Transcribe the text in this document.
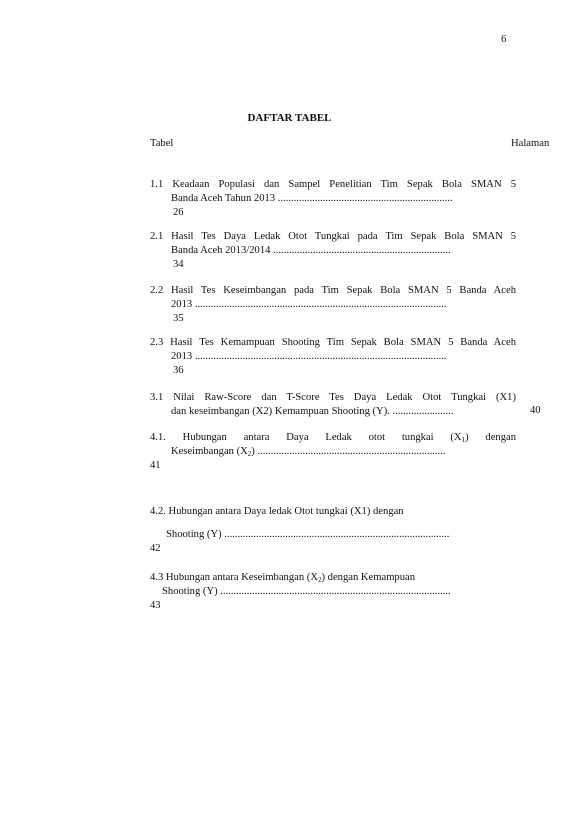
6
DAFTAR TABEL
Tabel	Halaman
1.1 Keadaan Populasi dan Sampel Penelitian Tim Sepak Bola SMAN 5
Banda Aceh Tahun 2013 ..................................................................
26
2.1 Hasil Tes Daya Ledak Otot Tungkai pada Tim Sepak Bola SMAN 5
Banda Aceh 2013/2014 ...................................................................
34
2.2 Hasil Tes Keseimbangan pada Tim Sepak Bola SMAN 5 Banda Aceh
2013 ...............................................................................................
35
2.3 Hasil Tes Kemampuan Shooting Tim Sepak Bola SMAN 5 Banda Aceh
2013 ...............................................................................................
36
3.1 Nilai Raw-Score dan T-Score Tes Daya Ledak Otot Tungkai (X1)
dan keseimbangan (X2) Kemampuan Shooting (Y). .......................	40
4.1. Hubungan antara Daya Ledak otot tungkai $(X_1)$ dengan
Keseimbangan $(X_2)$ .......................................................................
41
4.2. Hubungan antara Daya ledak Otot tungkai (X1) dengan
Shooting (Y) .....................................................................................
42
4.3 Hubungan antara Keseimbangan $(X_2)$ dengan Kemampuan
Shooting (Y) .......................................................................................
43
